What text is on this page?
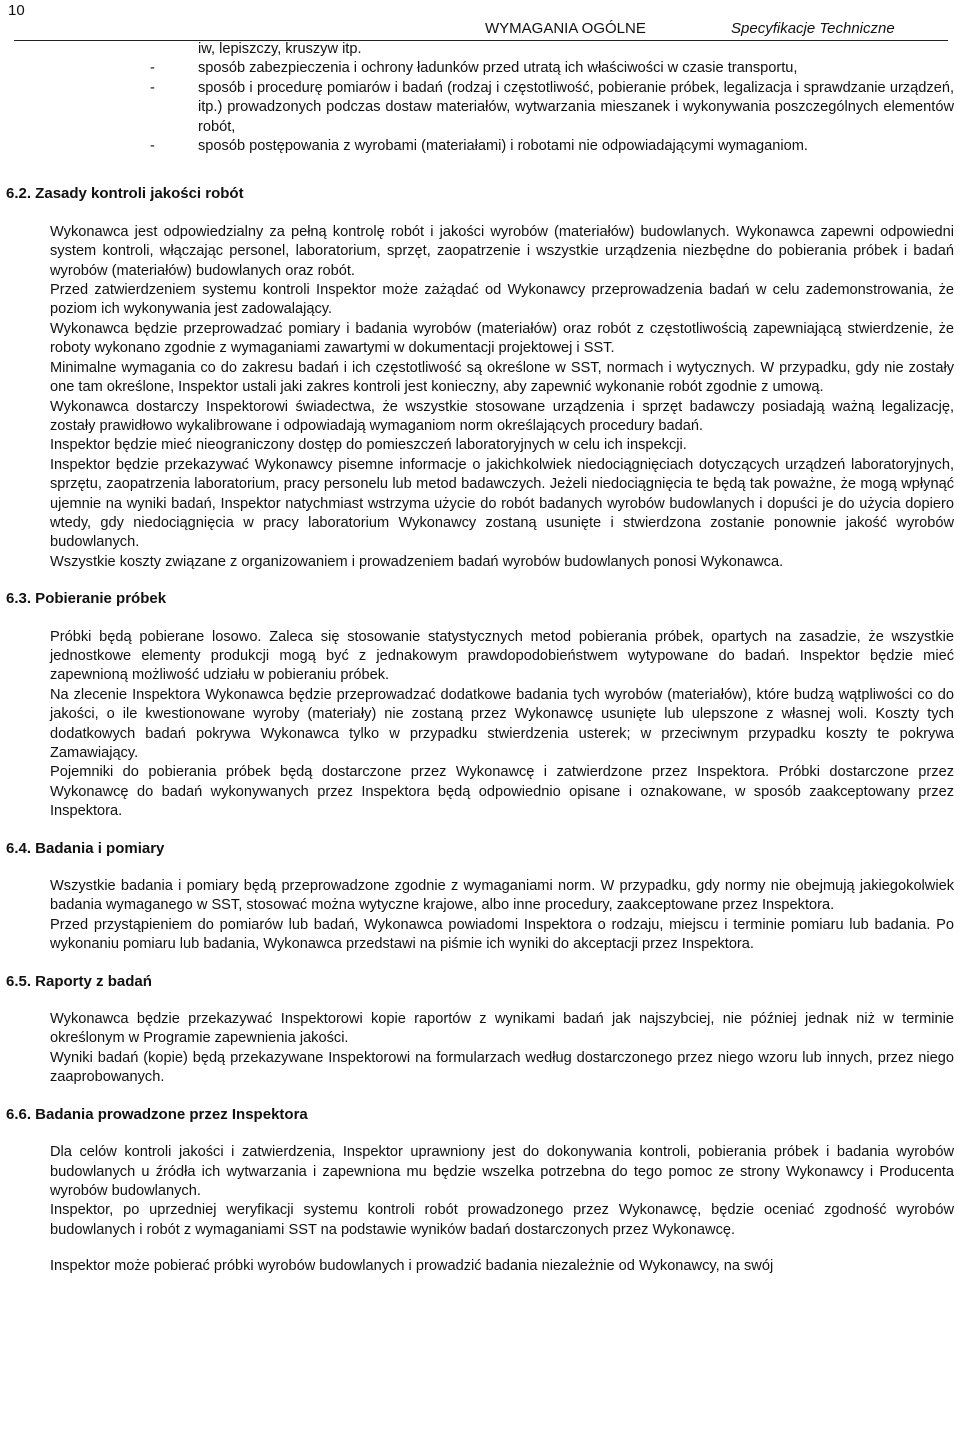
10
WYMAGANIA OGÓLNE	Specyfikacje Techniczne
iw, lepiszczy, kruszyw itp.
-	sposób zabezpieczenia i ochrony ładunków przed utratą ich właściwości w czasie transportu,
-	sposób i procedurę pomiarów i badań (rodzaj i częstotliwość, pobieranie próbek, legalizacja i sprawdzanie urządzeń, itp.) prowadzonych podczas dostaw materiałów, wytwarzania mieszanek i wykonywania poszczególnych elementów robót,
-	sposób postępowania z wyrobami (materiałami) i robotami nie odpowiadającymi wymaganiom.
6.2. Zasady kontroli jakości robót
Wykonawca jest odpowiedzialny za pełną kontrolę robót i jakości wyrobów (materiałów) budowlanych. Wykonawca zapewni odpowiedni system kontroli, włączając personel, laboratorium, sprzęt, zaopatrzenie i wszystkie urządzenia niezbędne do pobierania próbek i badań wyrobów (materiałów) budowlanych oraz robót.
Przed zatwierdzeniem systemu kontroli Inspektor może zażądać od Wykonawcy przeprowadzenia badań w celu zademonstrowania, że poziom ich wykonywania jest zadowalający.
Wykonawca będzie przeprowadzać pomiary i badania wyrobów (materiałów) oraz robót z częstotliwością zapewniającą stwierdzenie, że roboty wykonano zgodnie z wymaganiami zawartymi w dokumentacji projektowej i SST.
Minimalne wymagania co do zakresu badań i ich częstotliwość są określone w SST, normach i wytycznych. W przypadku, gdy nie zostały one tam określone, Inspektor ustali jaki zakres kontroli jest konieczny, aby zapewnić wykonanie robót zgodnie z umową.
Wykonawca dostarczy Inspektorowi świadectwa, że wszystkie stosowane urządzenia i sprzęt badawczy posiadają ważną legalizację, zostały prawidłowo wykalibrowane i odpowiadają wymaganiom norm określających procedury badań.
Inspektor będzie mieć nieograniczony dostęp do pomieszczeń laboratoryjnych w celu ich inspekcji.
Inspektor będzie przekazywać Wykonawcy pisemne informacje o jakichkolwiek niedociągnięciach dotyczących urządzeń laboratoryjnych, sprzętu, zaopatrzenia laboratorium, pracy personelu lub metod badawczych. Jeżeli niedociągnięcia te będą tak poważne, że mogą wpłynąć ujemnie na wyniki badań, Inspektor natychmiast wstrzyma użycie do robót badanych wyrobów budowlanych i dopuści je do użycia dopiero wtedy, gdy niedociągnięcia w pracy laboratorium Wykonawcy zostaną usunięte i stwierdzona zostanie ponownie jakość wyrobów budowlanych.
Wszystkie koszty związane z organizowaniem i prowadzeniem badań wyrobów budowlanych ponosi Wykonawca.
6.3. Pobieranie próbek
Próbki będą pobierane losowo. Zaleca się stosowanie statystycznych metod pobierania próbek, opartych na zasadzie, że wszystkie jednostkowe elementy produkcji mogą być z jednakowym prawdopodobieństwem wytypowane do badań. Inspektor będzie mieć zapewnioną możliwość udziału w pobieraniu próbek.
Na zlecenie Inspektora Wykonawca będzie przeprowadzać dodatkowe badania tych wyrobów (materiałów), które budzą wątpliwości co do jakości, o ile kwestionowane wyroby (materiały) nie zostaną przez Wykonawcę usunięte lub ulepszone z własnej woli. Koszty tych dodatkowych badań pokrywa Wykonawca tylko w przypadku stwierdzenia usterek; w przeciwnym przypadku koszty te pokrywa Zamawiający.
Pojemniki do pobierania próbek będą dostarczone przez Wykonawcę i zatwierdzone przez Inspektora. Próbki dostarczone przez Wykonawcę do badań wykonywanych przez Inspektora będą odpowiednio opisane i oznakowane, w sposób zaakceptowany przez Inspektora.
6.4. Badania i pomiary
Wszystkie badania i pomiary będą przeprowadzone zgodnie z wymaganiami norm. W przypadku, gdy normy nie obejmują jakiegokolwiek badania wymaganego w SST, stosować można wytyczne krajowe, albo inne procedury, zaakceptowane przez Inspektora.
Przed przystąpieniem do pomiarów lub badań, Wykonawca powiadomi Inspektora o rodzaju, miejscu i terminie pomiaru lub badania. Po wykonaniu pomiaru lub badania, Wykonawca przedstawi na piśmie ich wyniki do akceptacji przez Inspektora.
6.5. Raporty z badań
Wykonawca będzie przekazywać Inspektorowi kopie raportów z wynikami badań jak najszybciej, nie później jednak niż w terminie określonym w Programie zapewnienia jakości.
Wyniki badań (kopie) będą przekazywane Inspektorowi na formularzach według dostarczonego przez niego wzoru lub innych, przez niego zaaprobowanych.
6.6. Badania prowadzone przez Inspektora
Dla celów kontroli jakości i zatwierdzenia, Inspektor uprawniony jest do dokonywania kontroli, pobierania próbek i badania wyrobów budowlanych u źródła ich wytwarzania i zapewniona mu będzie wszelka potrzebna do tego pomoc ze strony Wykonawcy i Producenta wyrobów budowlanych.
Inspektor, po uprzedniej weryfikacji systemu kontroli robót prowadzonego przez Wykonawcę, będzie oceniać zgodność wyrobów budowlanych i robót z wymaganiami SST na podstawie wyników badań dostarczonych przez Wykonawcę.
Inspektor może pobierać próbki wyrobów budowlanych i prowadzić badania niezależnie od Wykonawcy, na swój
